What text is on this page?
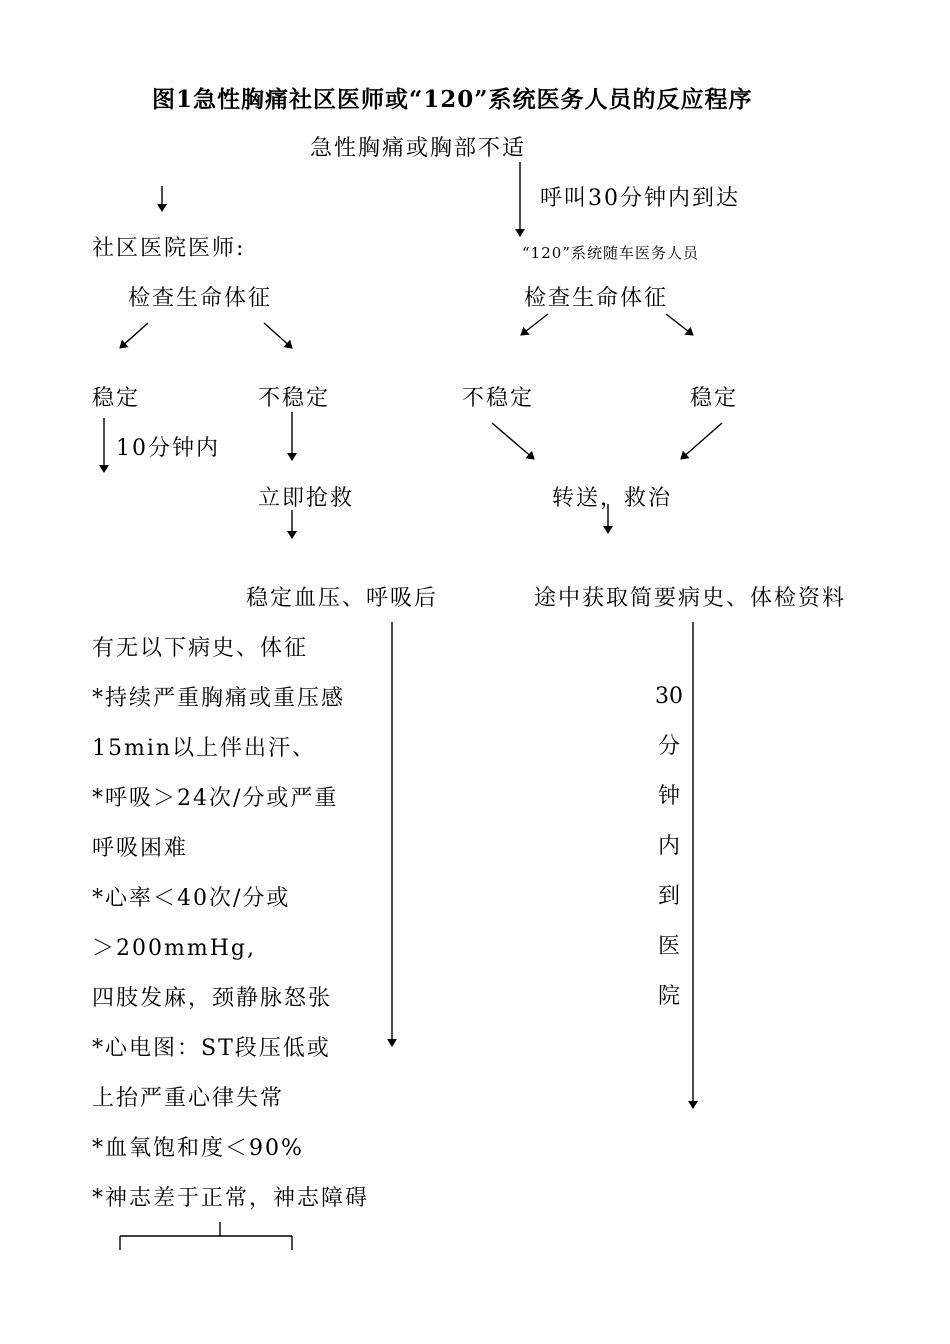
图1急性胸痛社区医师或“120”系统医务人员的反应程序
急性胸痛或胸部不适
呼叫30分钟内到达
社区医院医师:	“120”系统随车医务人员
检查生命体征	检查生命体征
稳定	不稳定	不稳定	稳定
10分钟内
立即抢救	转送，救治
稳定血压、呼吸后	途中获取简要病史、体检资料
有无以下病史、体征
*持续严重胸痛或重压感
15min以上伴出汗、
*呼吸＞24次/分或严重
呼吸困难
*心率＜40次/分或
＞200mmHg,
四肢发麻，颈静脉怒张
*心电图：ST段压低或
上抬严重心律失常
*血氧饱和度＜90%
*神志差于正常，神志障碍
30
分
钟
内
到
医
院
